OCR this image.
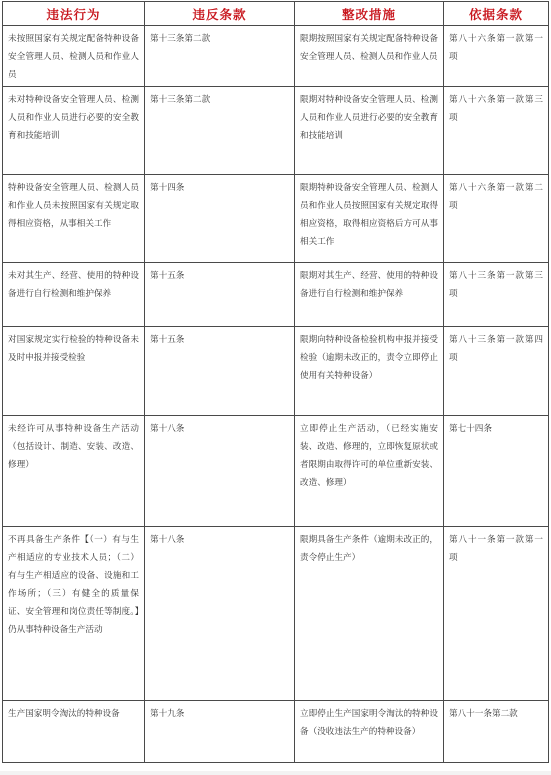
违法行为	违反条款	整改措施	依据条款
未按照国家有关规定配备特种设备安全管理人员、检测人员和作业人员	第十三条第二款	限期按照国家有关规定配备特种设备安全管理人员、检测人员和作业人员	第八十六条第一款第一项
未对特种设备安全管理人员、检测人员和作业人员进行必要的安全教育和技能培训	第十三条第二款	限期对特种设备安全管理人员、检测人员和作业人员进行必要的安全教育和技能培训	第八十六条第一款第三项
特种设备安全管理人员、检测人员和作业人员未按照国家有关规定取得相应资格，从事相关工作	第十四条	限期特种设备安全管理人员、检测人员和作业人员按照国家有关规定取得相应资格，取得相应资格后方可从事相关工作	第八十六条第一款第二项
未对其生产、经营、使用的特种设备进行自行检测和维护保养	第十五条	限期对其生产、经营、使用的特种设备进行自行检测和维护保养	第八十三条第一款第三项
对国家规定实行检验的特种设备未及时申报并接受检验	第十五条	限期向特种设备检验机构申报并接受检验（逾期未改正的，责令立即停止使用有关特种设备）	第八十三条第一款第四项
未经许可从事特种设备生产活动（包括设计、制造、安装、改造、修理）	第十八条	立即停止生产活动，（已经实施安装、改造、修理的，立即恢复原状或者限期由取得许可的单位重新安装、改造、修理）	第七十四条
不再具备生产条件【（一）有与生产相适应的专业技术人员；（二）有与生产相适应的设备、设施和工作场所；（三）有健全的质量保证、安全管理和岗位责任等制度。】仍从事特种设备生产活动	第十八条	限期具备生产条件（逾期未改正的，责令停止生产）	第八十一条第一款第一项
生产国家明令淘汰的特种设备	第十九条	立即停止生产国家明令淘汰的特种设备（没收违法生产的特种设备）	第八十一条第二款
